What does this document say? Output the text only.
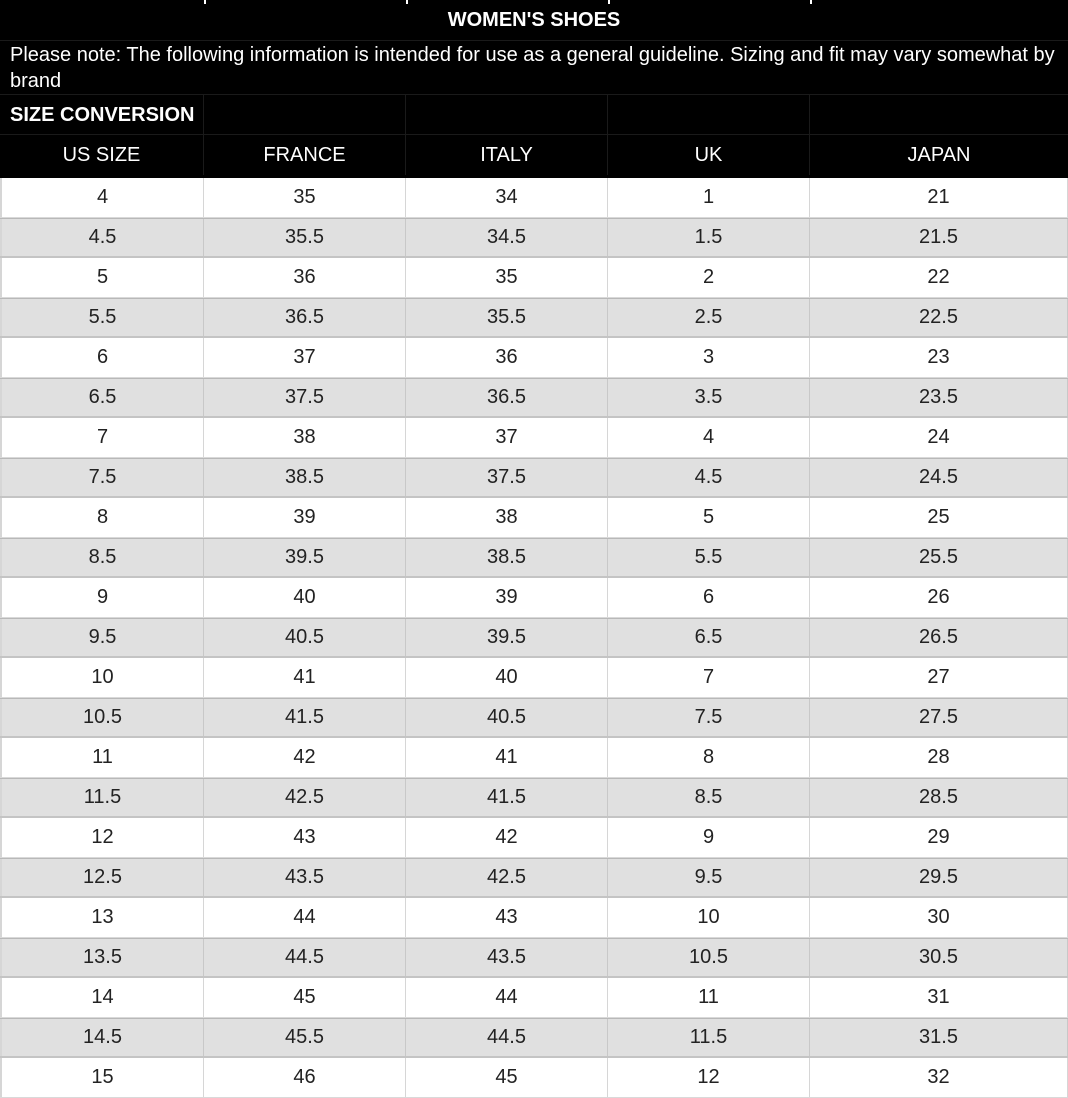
WOMEN'S SHOES
Please note: The following information is intended for use as a general guideline. Sizing and fit may vary somewhat by brand
SIZE CONVERSION
US SIZE	FRANCE	ITALY	UK	JAPAN
4	35	34	1	21
4.5	35.5	34.5	1.5	21.5
5	36	35	2	22
5.5	36.5	35.5	2.5	22.5
6	37	36	3	23
6.5	37.5	36.5	3.5	23.5
7	38	37	4	24
7.5	38.5	37.5	4.5	24.5
8	39	38	5	25
8.5	39.5	38.5	5.5	25.5
9	40	39	6	26
9.5	40.5	39.5	6.5	26.5
10	41	40	7	27
10.5	41.5	40.5	7.5	27.5
11	42	41	8	28
11.5	42.5	41.5	8.5	28.5
12	43	42	9	29
12.5	43.5	42.5	9.5	29.5
13	44	43	10	30
13.5	44.5	43.5	10.5	30.5
14	45	44	11	31
14.5	45.5	44.5	11.5	31.5
15	46	45	12	32
